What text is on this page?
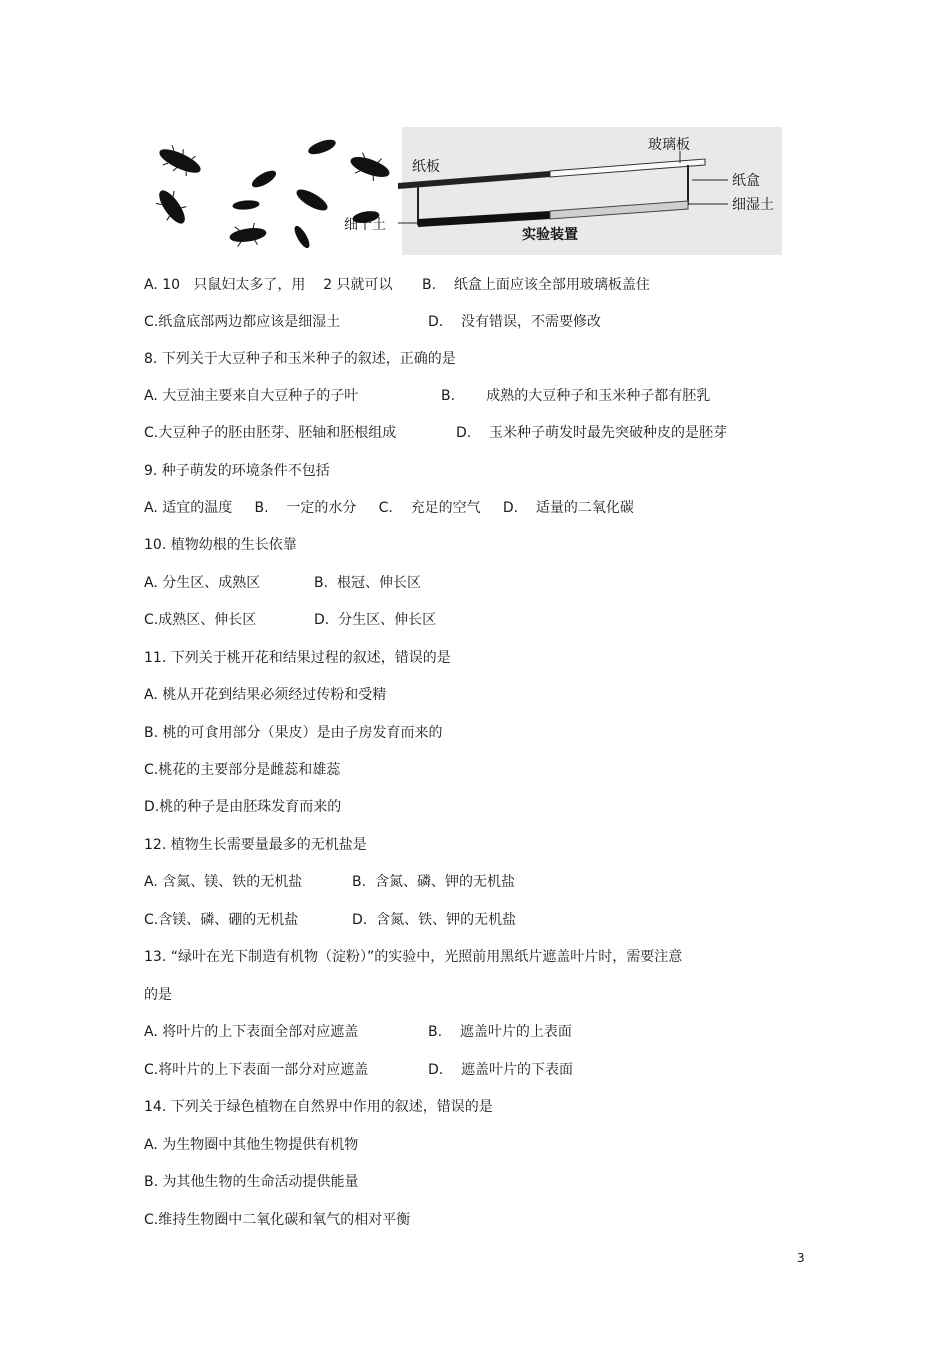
纸板
玻璃板
纸盒
细湿土
细干土
实验装置
A. 10   只鼠妇太多了，用    2 只就可以 B.    纸盒上面应该全部用玻璃板盖住
C.纸盒底部两边都应该是细湿土	D.    没有错误，不需要修改
8. 下列关于大豆种子和玉米种子的叙述，正确的是
A. 大豆油主要来自大豆种子的子叶	B.       成熟的大豆种子和玉米种子都有胚乳
C.大豆种子的胚由胚芽、胚轴和胚根组成	D.    玉米种子萌发时最先突破种皮的是胚芽
9. 种子萌发的环境条件不包括
A. 适宜的温度     B.    一定的水分     C.    充足的空气     D.    适量的二氧化碳
10. 植物幼根的生长依靠
A. 分生区、成熟区	B.  根冠、伸长区
C.成熟区、伸长区	D.  分生区、伸长区
11. 下列关于桃开花和结果过程的叙述，错误的是
A. 桃从开花到结果必须经过传粉和受精
B. 桃的可食用部分（果皮）是由子房发育而来的
C.桃花的主要部分是雌蕊和雄蕊
D.桃的种子是由胚珠发育而来的
12. 植物生长需要量最多的无机盐是
A. 含氮、镁、铁的无机盐	B.  含氮、磷、钾的无机盐
C.含镁、磷、硼的无机盐	D.  含氮、铁、钾的无机盐
13. “绿叶在光下制造有机物（淀粉）”的实验中，光照前用黑纸片遮盖叶片时，需要注意
的是
A. 将叶片的上下表面全部对应遮盖	B.    遮盖叶片的上表面
C.将叶片的上下表面一部分对应遮盖	D.    遮盖叶片的下表面
14. 下列关于绿色植物在自然界中作用的叙述，错误的是
A. 为生物圈中其他生物提供有机物
B. 为其他生物的生命活动提供能量
C.维持生物圈中二氧化碳和氧气的相对平衡
3
